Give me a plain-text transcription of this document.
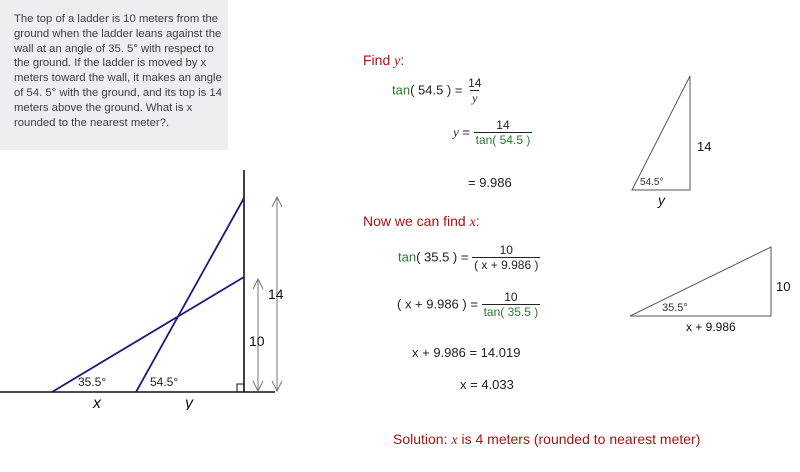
The top of a ladder is 10 meters from the ground when the ladder leans against the wall at an angle of 35. 5° with respect to the ground. If the ladder is moved by x meters toward the wall, it makes an angle of 54. 5° with the ground, and its top is 14 meters above the ground. What is x rounded to the nearest meter?.
14
10
35.5°	54.5°
x	y
Find y:
tan( 54.5 ) = $\frac{14}{y}$
$y = \frac{14}{\tan( 54.5 )}$
= 9.986
Now we can find x:
tan( 35.5 ) = $\frac{10}{( x + 9.986 )}$
( x + 9.986 ) = $\frac{10}{\tan( 35.5 )}$
x + 9.986 = 14.019
x = 4.033
Solution: x is 4 meters (rounded to nearest meter)
14
54.5°
y
10
35.5°
x + 9.986
